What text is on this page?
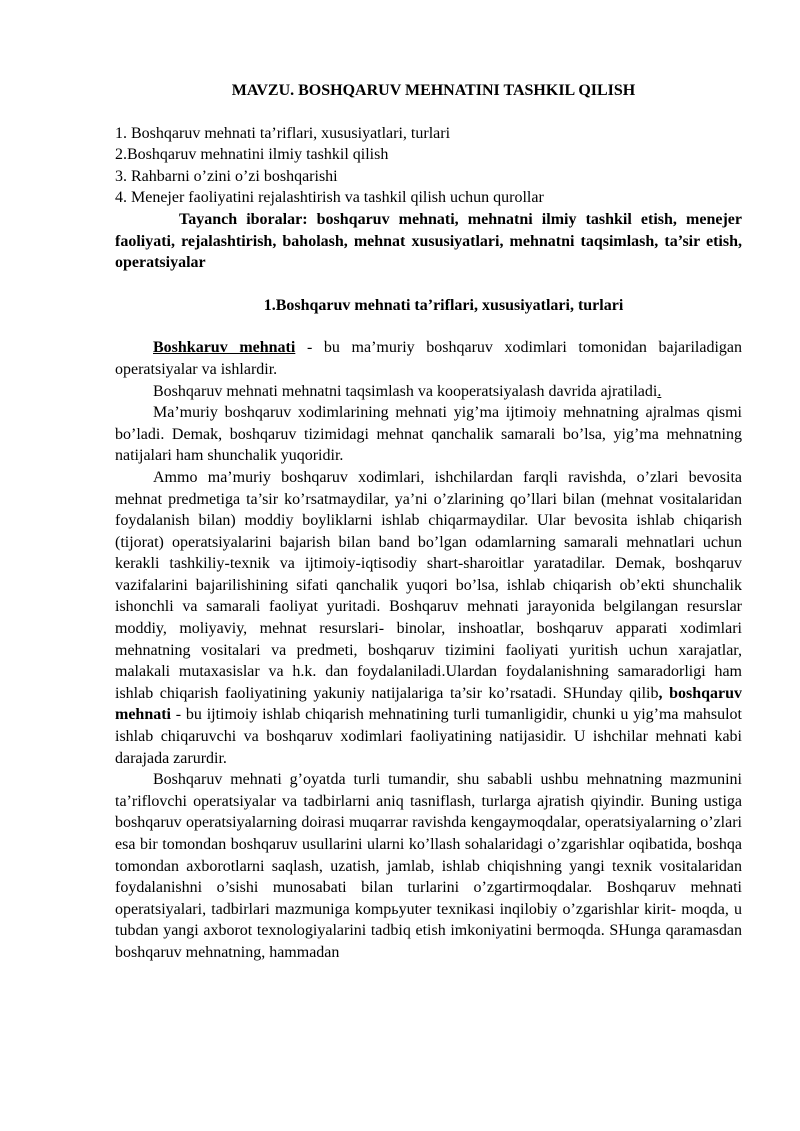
MAVZU. BOSHQARUV MEHNATINI TASHKIL QILISH

1. Boshqaruv mehnati ta’riflari, xususiyatlari, turlari
2.Boshqaruv mehnatini ilmiy tashkil qilish
3. Rahbarni o’zini o’zi boshqarishi
4. Menejer faoliyatini rejalashtirish va tashkil qilish uchun qurollar

Tayanch iboralar: boshqaruv mehnati, mehnatni ilmiy tashkil etish, menejer faoliyati, rejalashtirish, baholash, mehnat xususiyatlari, mehnatni taqsimlash, ta’sir etish, operatsiyalar

1.Boshqaruv mehnati ta’riflari, xususiyatlari, turlari

Boshkaruv mehnati - bu ma’muriy boshqaruv xodimlari tomonidan bajariladigan operatsiyalar va ishlardir.

Boshqaruv mehnati mehnatni taqsimlash va kooperatsiyalash davrida ajratiladi.

Ma’muriy boshqaruv xodimlarining mehnati yig’ma ijtimoiy mehnatning ajralmas qismi bo’ladi. Demak, boshqaruv tizimidagi mehnat qanchalik samarali bo’lsa, yig’ma mehnatning natijalari ham shunchalik yuqoridir.

Ammo ma’muriy boshqaruv xodimlari, ishchilardan farqli ravishda, o’zlari bevosita mehnat predmetiga ta’sir ko’rsatmaydilar, ya’ni o’zlarining qo’llari bilan (mehnat vositalaridan foydalanish bilan) moddiy boyliklarni ishlab chiqarmaydilar. Ular bevosita ishlab chiqarish (tijorat) operatsiyalarini bajarish bilan band bo’lgan odamlarning samarali mehnatlari uchun kerakli tashkiliy-texnik va ijtimoiy-iqtisodiy shart-sharoitlar yaratadilar. Demak, boshqaruv vazifalarini bajarilishining sifati qanchalik yuqori bo’lsa, ishlab chiqarish ob’ekti shunchalik ishonchli va samarali faoliyat yuritadi. Boshqaruv mehnati jarayonida belgilangan resurslar moddiy, moliyaviy, mehnat resurslari- binolar, inshoatlar, boshqaruv apparati xodimlari mehnatning vositalari va predmeti, boshqaruv tizimini faoliyati yuritish uchun xarajatlar, malakali mutaxasislar va h.k. dan foydalaniladi.Ulardan foydalanishning samaradorligi ham ishlab chiqarish faoliyatining yakuniy natijalariga ta’sir ko’rsatadi. SHunday qilib, boshqaruv mehnati - bu ijtimoiy ishlab chiqarish mehnatining turli tumanligidir, chunki u yig’ma mahsulot ishlab chiqaruvchi va boshqaruv xodimlari faoliyatining natijasidir. U ishchilar mehnati kabi darajada zarurdir.

Boshqaruv mehnati g’oyatda turli tumandir, shu sababli ushbu mehnatning mazmunini ta’riflovchi operatsiyalar va tadbirlarni aniq tasniflash, turlarga ajratish qiyindir. Buning ustiga boshqaruv operatsiyalarning doirasi muqarrar ravishda kengaymoqdalar, operatsiyalarning o’zlari esa bir tomondan boshqaruv usullarini ularni ko’llash sohalaridagi o’zgarishlar oqibatida, boshqa tomondan axborotlarni saqlash, uzatish, jamlab, ishlab chiqishning yangi texnik vositalaridan foydalanishni o’sishi munosabati bilan turlarini o’zgartirmoqdalar. Boshqaruv mehnati operatsiyalari, tadbirlari mazmuniga kompьyuter texnikasi inqilobiy o’zgarishlar kirit- moqda, u tubdan yangi axborot texnologiyalarini tadbiq etish imkoniyatini bermoqda. SHunga qaramasdan boshqaruv mehnatning, hammadan
